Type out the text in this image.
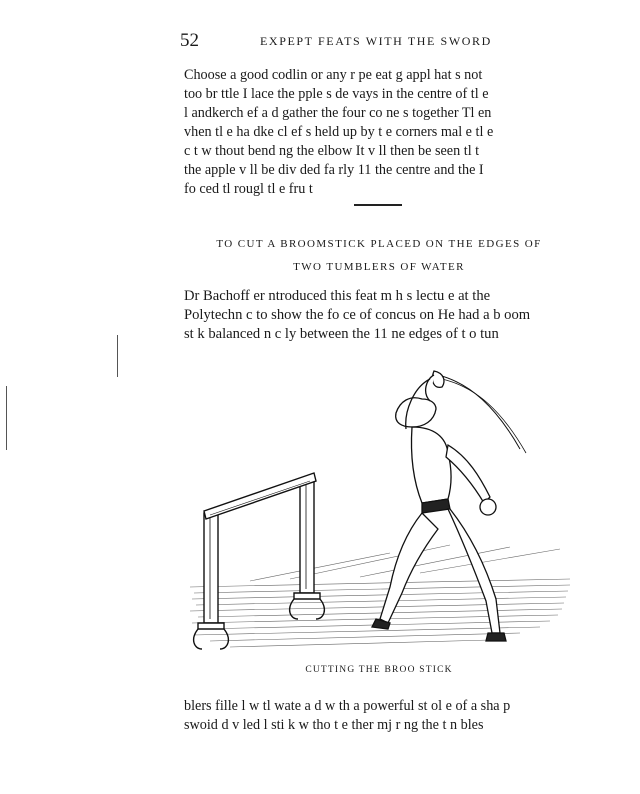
52	EXPEPT FEATS WITH THE SWORD

Choose a good codlin or any r pe eat g appl hat s not

too br ttle I lace the pple s de vays in the centre of tl e

l andkerch ef a d gather the four co ne s together Tl en

vhen tl e ha dke cl ef s held up by t e corners mal e tl e

c t w thout bend ng the elbow It v ll then be seen tl t

the apple v ll be div ded fa rly 11 the centre and the I

fo ced tl rougl tl e fru t

TO CUT A BROOMSTICK PLACED ON THE EDGES OF
TWO TUMBLERS OF WATER

Dr Bachoff er ntroduced this feat m h s lectu e at the

Polytechn c to show the fo ce of concus on He had a b oom

st k balanced n c ly between the 11 ne edges of t o tun

CUTTING THE BROO STICK

blers fille l w tl wate a d w th a powerful st ol e of a sha p

swoid d v led l sti k w tho t e ther mj r ng the t n bles
